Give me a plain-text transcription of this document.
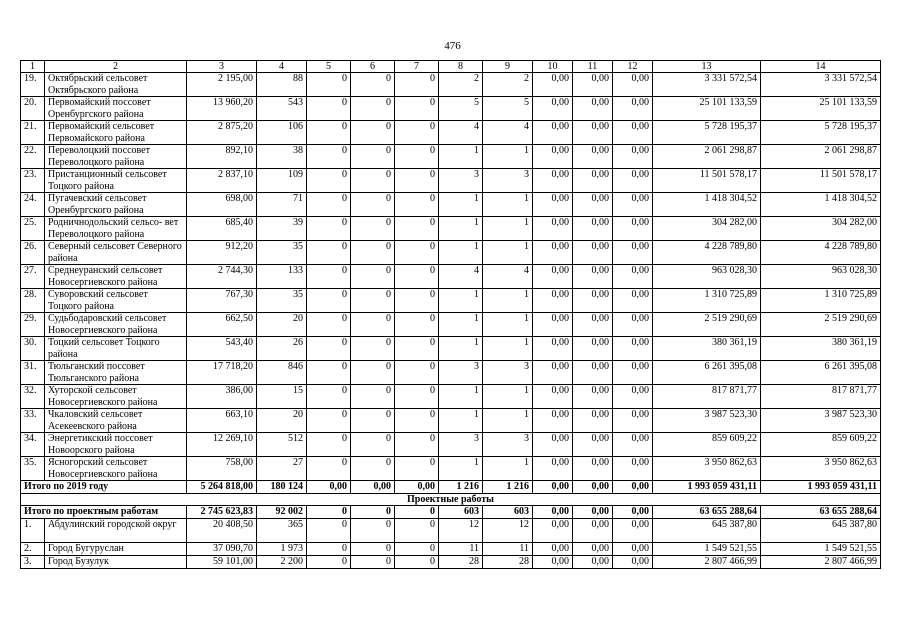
476
1	2	3	4	5	6	7	8	9	10	11	12	13	14
19.	Октябрьский сельсовет Октябрьского района	2 195,00	88	0	0	0	2	2	0,00	0,00	0,00	3 331 572,54	3 331 572,54
20.	Первомайский поссовет Оренбургского района	13 960,20	543	0	0	0	5	5	0,00	0,00	0,00	25 101 133,59	25 101 133,59
21.	Первомайский сельсовет Первомайского района	2 875,20	106	0	0	0	4	4	0,00	0,00	0,00	5 728 195,37	5 728 195,37
22.	Переволоцкий поссовет Переволоцкого района	892,10	38	0	0	0	1	1	0,00	0,00	0,00	2 061 298,87	2 061 298,87
23.	Пристанционный сельсовет Тоцкого района	2 837,10	109	0	0	0	3	3	0,00	0,00	0,00	11 501 578,17	11 501 578,17
24.	Пугачевский сельсовет Оренбургского района	698,00	71	0	0	0	1	1	0,00	0,00	0,00	1 418 304,52	1 418 304,52
25.	Родничнодольский сельсо- вет Переволоцкого района	685,40	39	0	0	0	1	1	0,00	0,00	0,00	304 282,00	304 282,00
26.	Северный сельсовет Северного района	912,20	35	0	0	0	1	1	0,00	0,00	0,00	4 228 789,80	4 228 789,80
27.	Среднеуранский сельсовет Новосергиевского района	2 744,30	133	0	0	0	4	4	0,00	0,00	0,00	963 028,30	963 028,30
28.	Суворовский сельсовет Тоцкого района	767,30	35	0	0	0	1	1	0,00	0,00	0,00	1 310 725,89	1 310 725,89
29.	Судьбодаровский сельсовет Новосергиевского района	662,50	20	0	0	0	1	1	0,00	0,00	0,00	2 519 290,69	2 519 290,69
30.	Тоцкий сельсовет Тоцкого района	543,40	26	0	0	0	1	1	0,00	0,00	0,00	380 361,19	380 361,19
31.	Тюльганский поссовет Тюльганского района	17 718,20	846	0	0	0	3	3	0,00	0,00	0,00	6 261 395,08	6 261 395,08
32.	Хуторской сельсовет Новосергиевского района	386,00	15	0	0	0	1	1	0,00	0,00	0,00	817 871,77	817 871,77
33.	Чкаловский сельсовет Асекеевского района	663,10	20	0	0	0	1	1	0,00	0,00	0,00	3 987 523,30	3 987 523,30
34.	Энергетикский поссовет Новоорского района	12 269,10	512	0	0	0	3	3	0,00	0,00	0,00	859 609,22	859 609,22
35.	Ясногорский сельсовет Новосергиевского района	758,00	27	0	0	0	1	1	0,00	0,00	0,00	3 950 862,63	3 950 862,63
Итого по 2019 году		5 264 818,00	180 124	0,00	0,00	0,00	1 216	1 216	0,00	0,00	0,00	1 993 059 431,11	1 993 059 431,11
Проектные работы													
Итого по проектным работам		2 745 623,83	92 002	0	0	0	603	603	0,00	0,00	0,00	63 655 288,64	63 655 288,64
1.	Абдулинский городской округ	20 408,50	365	0	0	0	12	12	0,00	0,00	0,00	645 387,80	645 387,80
2.	Город Бугуруслан	37 090,70	1 973	0	0	0	11	11	0,00	0,00	0,00	1 549 521,55	1 549 521,55
3.	Город Бузулук	59 101,00	2 200	0	0	0	28	28	0,00	0,00	0,00	2 807 466,99	2 807 466,99
